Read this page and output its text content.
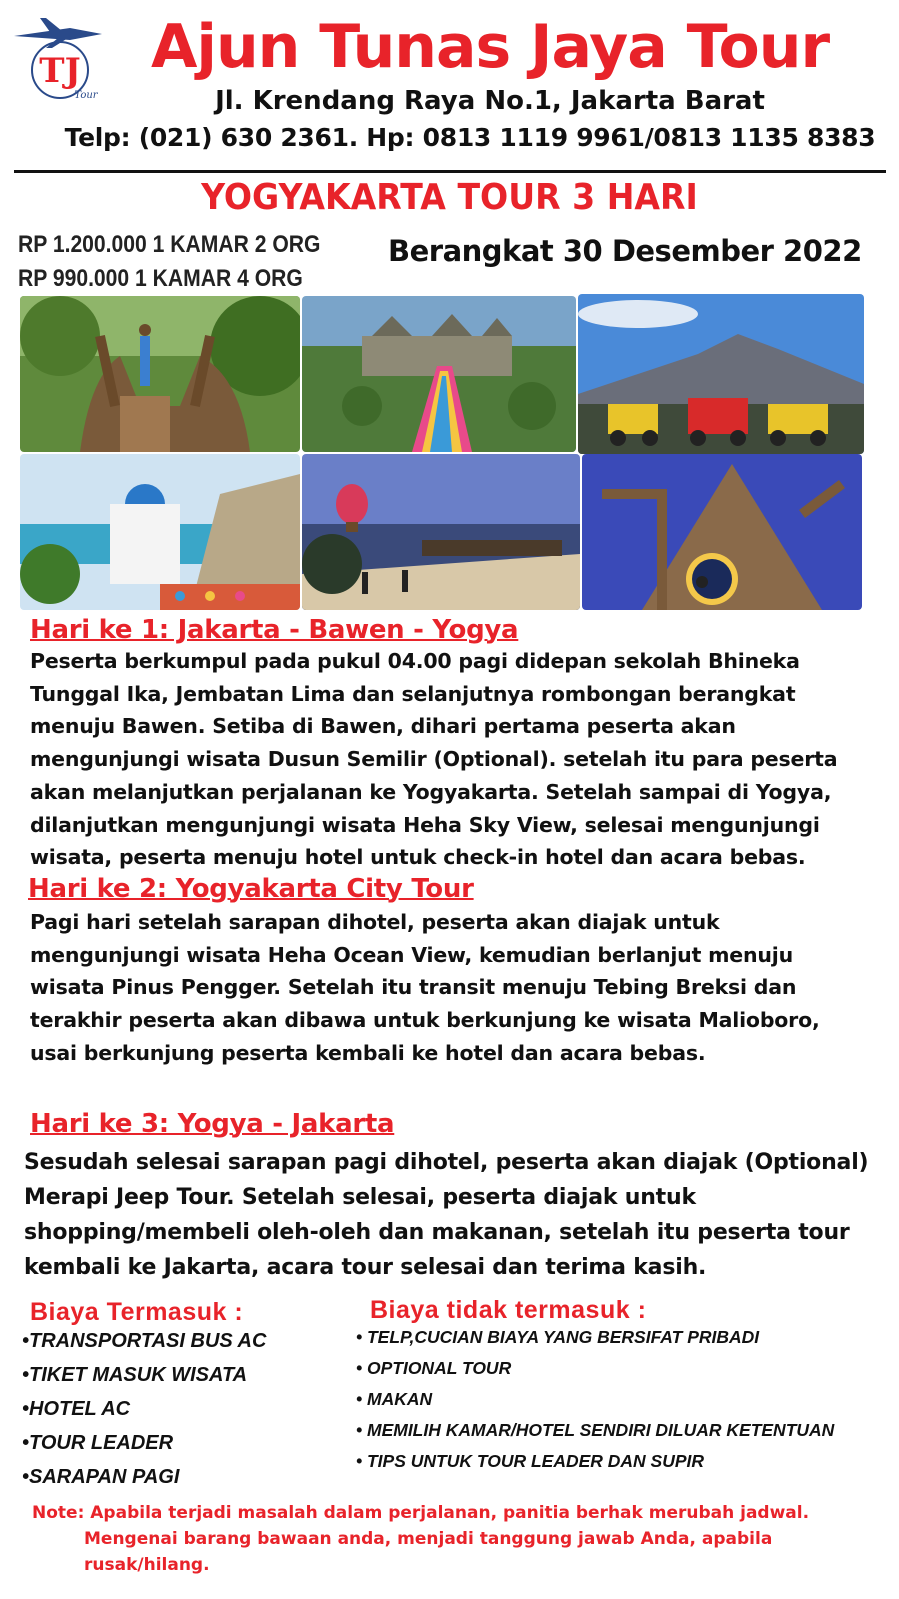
TJ
Tour
Ajun Tunas Jaya Tour
Jl. Krendang Raya No.1, Jakarta Barat
Telp: (021) 630 2361. Hp: 0813 1119 9961/0813 1135 8383
YOGYAKARTA TOUR 3 HARI
RP 1.200.000 1 KAMAR 2 ORG
RP 990.000 1 KAMAR 4 ORG
Berangkat 30 Desember 2022
Hari ke 1: Jakarta - Bawen - Yogya
Peserta berkumpul pada pukul 04.00 pagi didepan sekolah Bhineka Tunggal Ika, Jembatan Lima dan selanjutnya rombongan berangkat menuju Bawen. Setiba di Bawen, dihari pertama peserta akan mengunjungi wisata Dusun Semilir (Optional). setelah itu para peserta akan melanjutkan perjalanan ke Yogyakarta. Setelah sampai di Yogya, dilanjutkan mengunjungi wisata Heha Sky View, selesai mengunjungi wisata, peserta menuju hotel untuk check-in hotel dan acara bebas.
Hari ke 2: Yogyakarta City Tour
Pagi hari setelah sarapan dihotel, peserta akan diajak untuk mengunjungi wisata Heha Ocean View, kemudian berlanjut menuju wisata Pinus Pengger. Setelah itu transit menuju Tebing Breksi dan terakhir peserta akan dibawa untuk berkunjung ke wisata Malioboro, usai berkunjung peserta kembali ke hotel dan acara bebas.
Hari ke 3: Yogya - Jakarta
Sesudah selesai sarapan pagi dihotel, peserta akan diajak (Optional) Merapi Jeep Tour. Setelah selesai, peserta diajak untuk shopping/membeli oleh-oleh dan makanan, setelah itu peserta tour kembali ke Jakarta, acara tour selesai dan terima kasih.
Biaya Termasuk :
•TRANSPORTASI BUS AC
•TIKET MASUK WISATA
•HOTEL AC
•TOUR LEADER
•SARAPAN PAGI
Biaya tidak termasuk :
• TELP,CUCIAN BIAYA YANG BERSIFAT PRIBADI
• OPTIONAL TOUR
• MAKAN
• MEMILIH KAMAR/HOTEL SENDIRI DILUAR KETENTUAN
• TIPS UNTUK TOUR LEADER DAN SUPIR
Note: Apabila terjadi masalah dalam perjalanan, panitia berhak merubah jadwal.
Mengenai barang bawaan anda, menjadi tanggung jawab Anda, apabila rusak/hilang.
